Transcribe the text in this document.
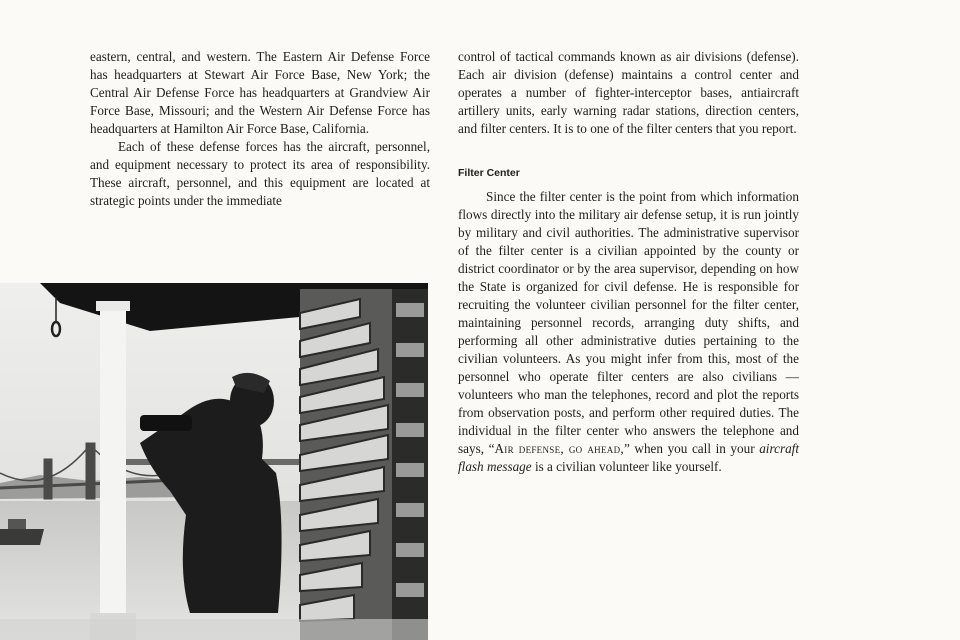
eastern, central, and western. The Eastern Air Defense Force has headquarters at Stewart Air Force Base, New York; the Central Air Defense Force has headquarters at Grandview Air Force Base, Missouri; and the Western Air Defense Force has headquarters at Hamilton Air Force Base, California.

Each of these defense forces has the aircraft, personnel, and equipment necessary to protect its area of responsibility. These aircraft, personnel, and this equipment are located at strategic points under the immediate

control of tactical commands known as air divisions (defense). Each air division (defense) maintains a control center and operates a number of fighter-interceptor bases, antiaircraft artillery units, early warning radar stations, direction centers, and filter centers. It is to one of the filter centers that you report.

Filter Center

Since the filter center is the point from which information flows directly into the military air defense setup, it is run jointly by military and civil authorities. The administrative supervisor of the filter center is a civilian appointed by the county or district coordinator or by the area supervisor, depending on how the State is organized for civil defense. He is responsible for recruiting the volunteer civilian personnel for the filter center, maintaining personnel records, arranging duty shifts, and performing all other administrative duties pertaining to the civilian volunteers. As you might infer from this, most of the personnel who operate filter centers are also civilians — volunteers who man the telephones, record and plot the reports from observation posts, and perform other required duties. The individual in the filter center who answers the telephone and says, “Air defense, go ahead,” when you call in your aircraft flash message is a civilian volunteer like yourself.
